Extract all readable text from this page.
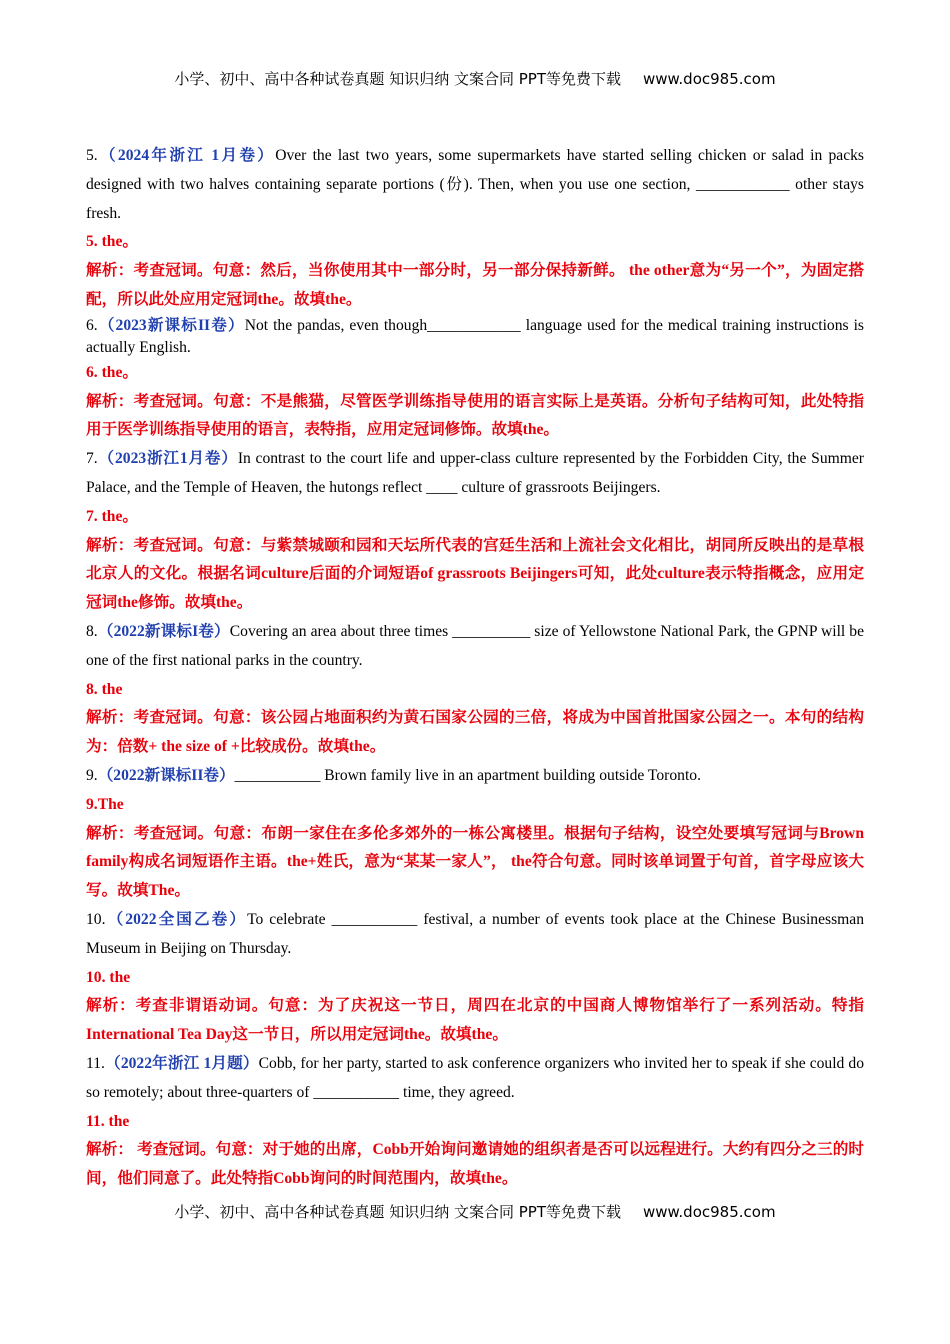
小学、初中、高中各种试卷真题 知识归纳 文案合同 PPT等免费下载 www.doc985.com
5.（2024年浙江 1月卷）Over the last two years, some supermarkets have started selling chicken or salad in packs designed with two halves containing separate portions (份). Then, when you use one section, ____________ other stays fresh.
5. the。
解析：考查冠词。句意：然后，当你使用其中一部分时，另一部分保持新鲜。 the other意为“另一个”，为固定搭配，所以此处应用定冠词the。故填the。
6.（2023新课标II卷）Not the pandas, even though____________ language used for the medical training instructions is actually English.
6. the。
解析：考查冠词。句意：不是熊猫，尽管医学训练指导使用的语言实际上是英语。分析句子结构可知，此处特指用于医学训练指导使用的语言，表特指，应用定冠词修饰。故填the。
7.（2023浙江1月卷）In contrast to the court life and upper-class culture represented by the Forbidden City, the Summer Palace, and the Temple of Heaven, the hutongs reflect ____ culture of grassroots Beijingers.
7. the。
解析：考查冠词。句意：与紫禁城颐和园和天坛所代表的宫廷生活和上流社会文化相比，胡同所反映出的是草根北京人的文化。根据名词culture后面的介词短语of grassroots Beijingers可知，此处culture表示特指概念，应用定冠词the修饰。故填the。
8.（2022新课标I卷）Covering an area about three times __________ size of Yellowstone National Park, the GPNP will be one of the first national parks in the country.
8. the
解析：考查冠词。句意：该公园占地面积约为黄石国家公园的三倍，将成为中国首批国家公园之一。本句的结构为：倍数+ the size of +比较成份。故填the。
9.（2022新课标II卷）___________ Brown family live in an apartment building outside Toronto.
9.The
解析：考查冠词。句意：布朗一家住在多伦多郊外的一栋公寓楼里。根据句子结构，设空处要填写冠词与Brown family构成名词短语作主语。the+姓氏，意为“某某一家人”， the符合句意。同时该单词置于句首，首字母应该大写。故填The。
10.（2022全国乙卷）To celebrate ___________ festival, a number of events took place at the Chinese Businessman Museum in Beijing on Thursday.
10. the
解析：考查非谓语动词。句意：为了庆祝这一节日，周四在北京的中国商人博物馆举行了一系列活动。特指International Tea Day这一节日，所以用定冠词the。故填the。
11.（2022年浙江 1月题）Cobb, for her party, started to ask conference organizers who invited her to speak if she could do so remotely; about three-quarters of ___________ time, they agreed.
11. the
解析： 考查冠词。句意：对于她的出席，Cobb开始询问邀请她的组织者是否可以远程进行。大约有四分之三的时间，他们同意了。此处特指Cobb询问的时间范围内，故填the。
小学、初中、高中各种试卷真题 知识归纳 文案合同 PPT等免费下载 www.doc985.com
